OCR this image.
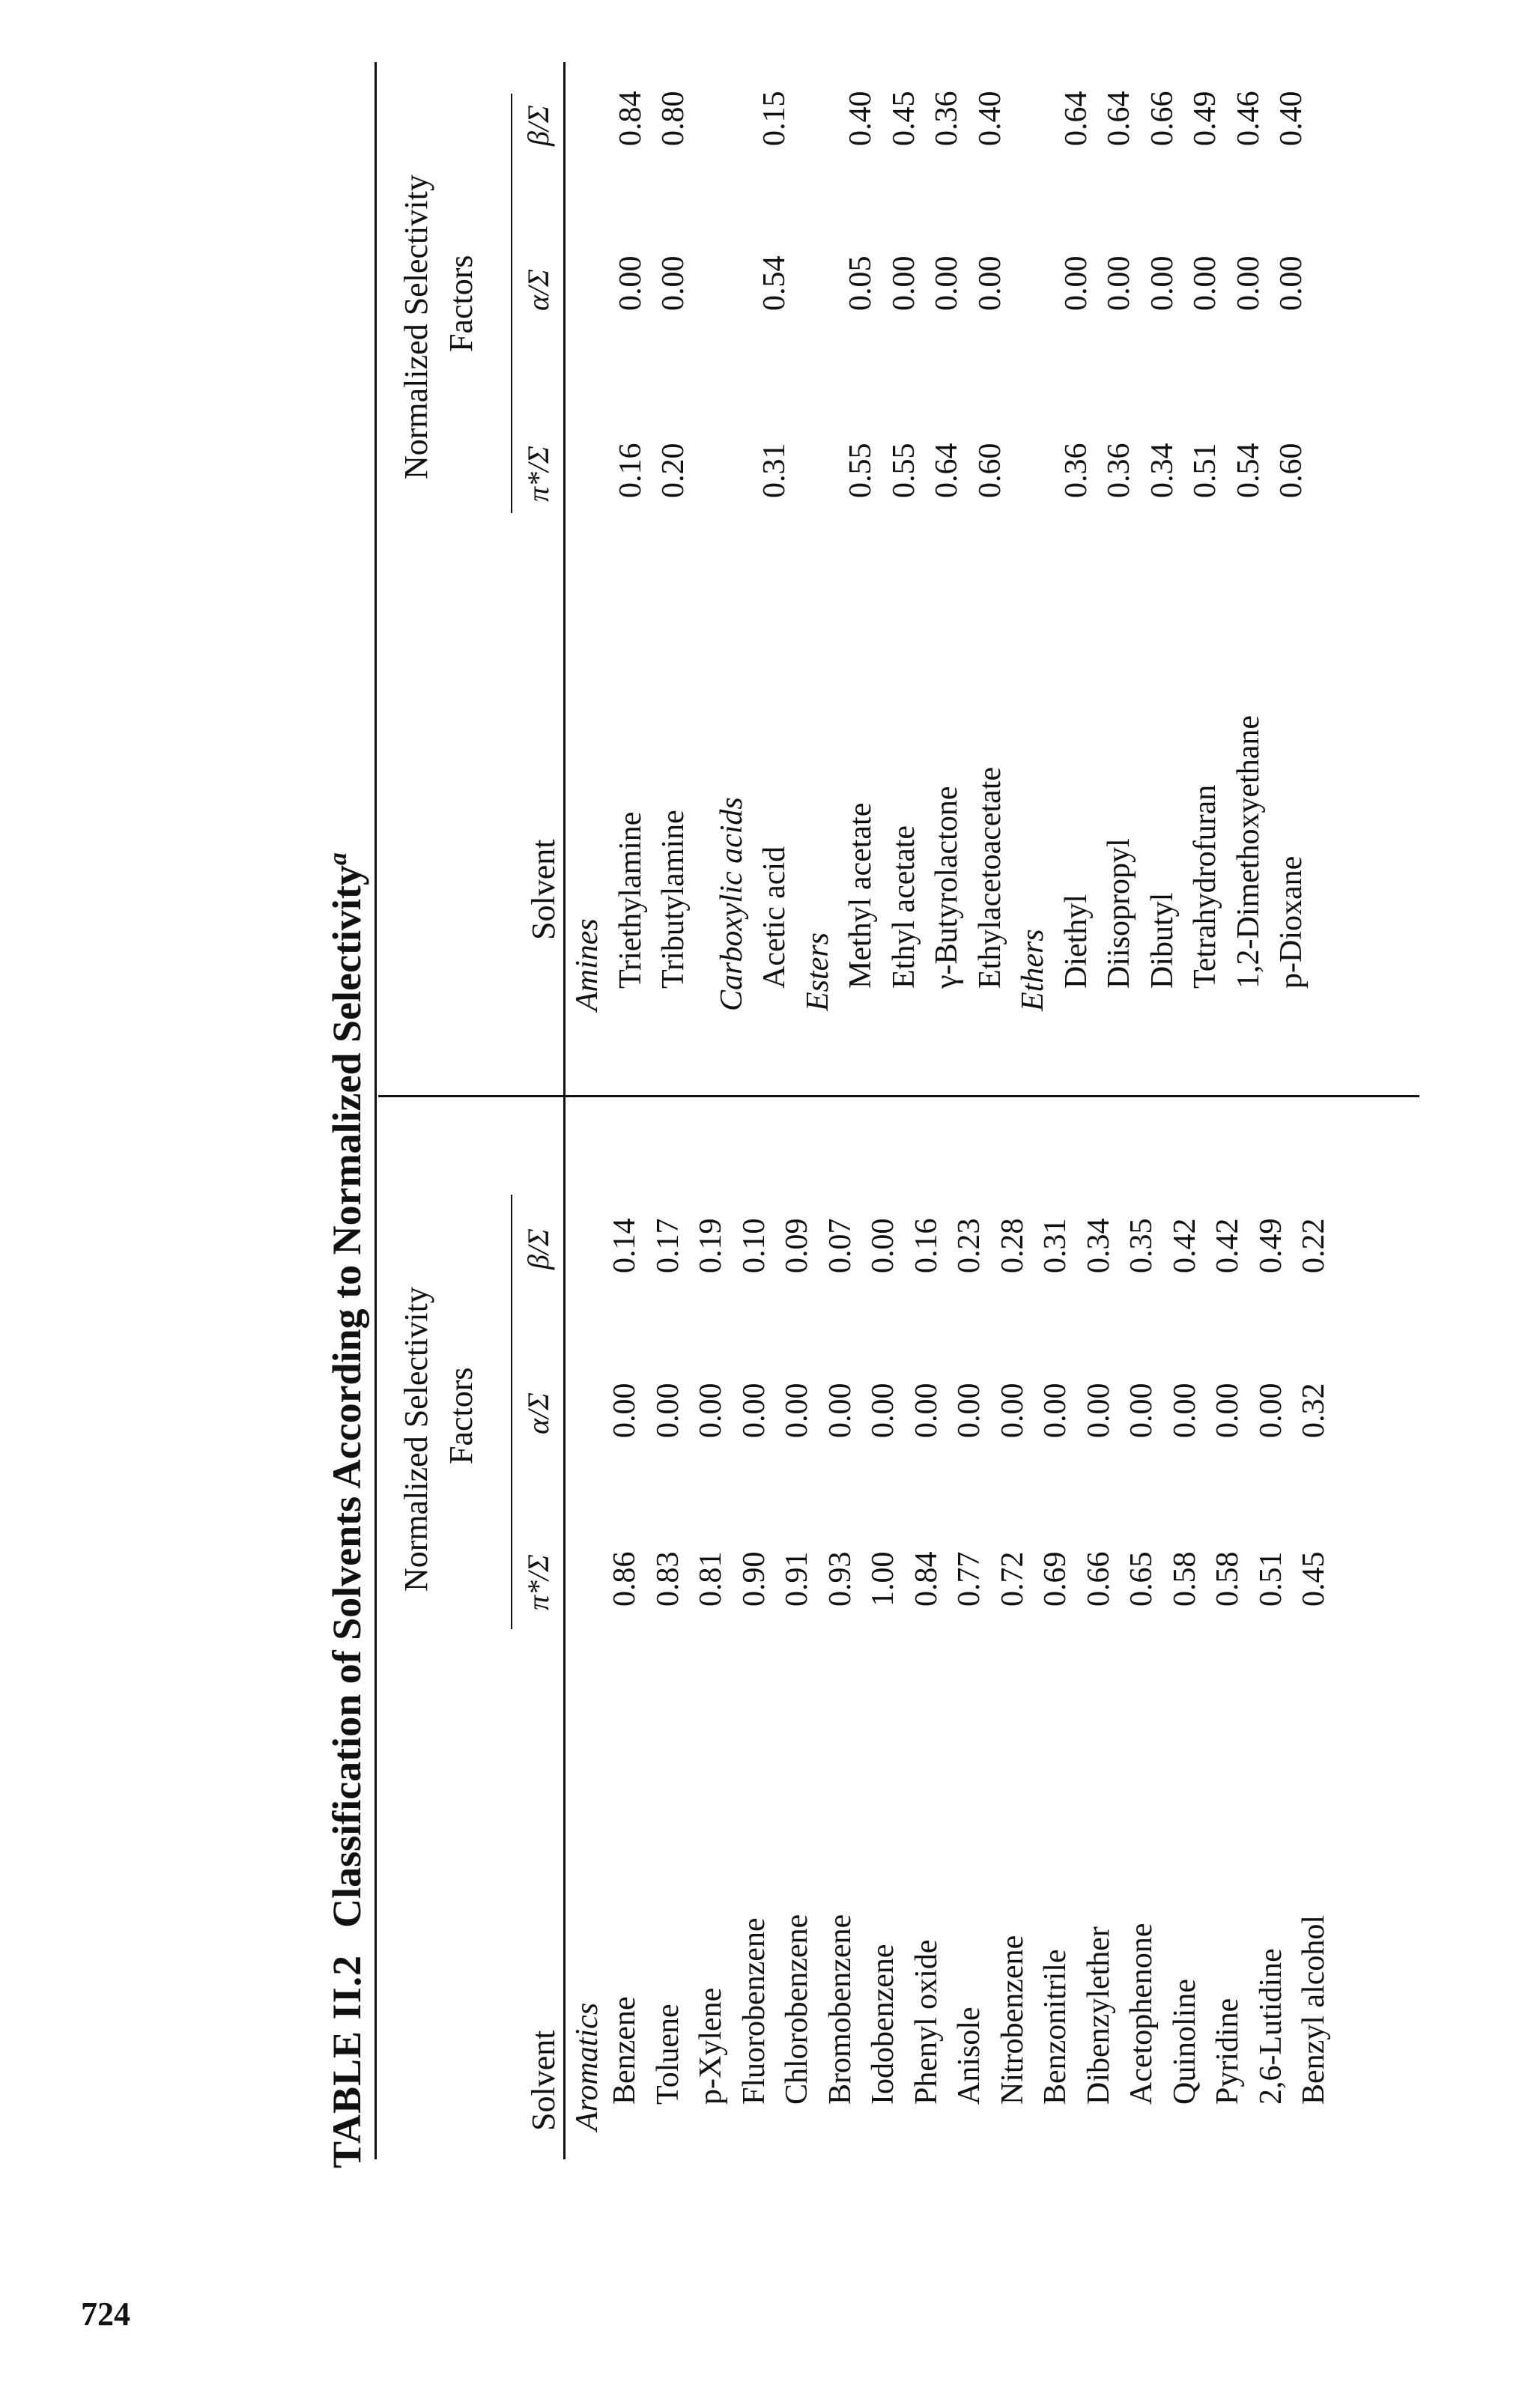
724
TABLE II.2Classification of Solvents According to Normalized Selectivity$^a$
Solvent
Normalized Selectivity Factors
π*/Σ
α/Σ
β/Σ
Aromatics Benzene
0.86
0.00
0.14
Toluene
0.83
0.00
0.17
p-Xylene
0.81
0.00
0.19
Fluorobenzene
0.90
0.00
0.10
Chlorobenzene
0.91
0.00
0.09
Bromobenzene
0.93
0.00
0.07
Iodobenzene
1.00
0.00
0.00
Phenyl oxide
0.84
0.00
0.16
Anisole
0.77
0.00
0.23
Nitrobenzene
0.72
0.00
0.28
Benzonitrile
0.69
0.00
0.31
Dibenzylether
0.66
0.00
0.34
Acetophenone
0.65
0.00
0.35
Quinoline
0.58
0.00
0.42
Pyridine
0.58
0.00
0.42
2,6-Lutidine
0.51
0.00
0.49
Benzyl alcohol
0.45
0.32
0.22
Solvent
Normalized Selectivity Factors
π*/Σ
α/Σ
β/Σ
Amines Triethylamine
0.16
0.00
0.84
Tributylamine
0.20
0.00
0.80
Carboxylic acids Acetic acid
0.31
0.54
0.15
Esters Methyl acetate
0.55
0.05
0.40
Ethyl acetate
0.55
0.00
0.45
γ-Butyrolactone
0.64
0.00
0.36
Ethylacetoacetate
0.60
0.00
0.40
Ethers Diethyl
0.36
0.00
0.64
Diisopropyl
0.36
0.00
0.64
Dibutyl
0.34
0.00
0.66
Tetrahydrofuran
0.51
0.00
0.49
1,2-Dimethoxyethane
0.54
0.00
0.46
p-Dioxane
0.60
0.00
0.40
